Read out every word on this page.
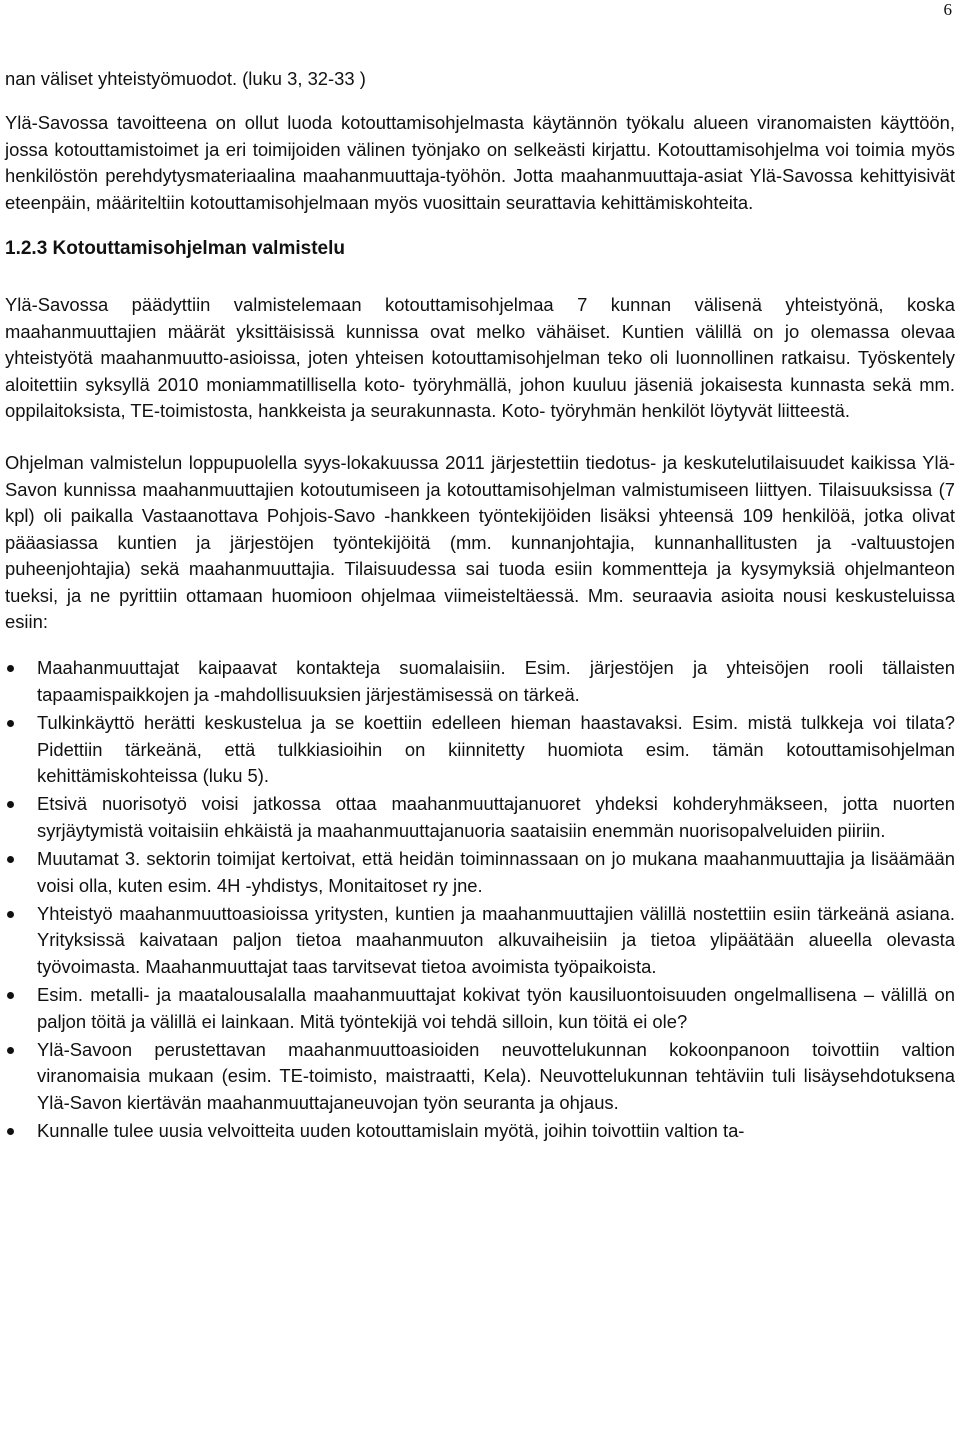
6
nan väliset yhteistyömuodot. (luku 3, 32-33 )
Ylä-Savossa tavoitteena on ollut luoda kotouttamisohjelmasta käytännön työkalu alueen viranomaisten käyttöön, jossa kotouttamistoimet ja eri toimijoiden välinen työnjako on selkeästi kirjattu. Kotouttamisohjelma voi toimia myös henkilöstön perehdytysmateriaalina maahanmuuttaja-työhön. Jotta maahanmuuttaja-asiat Ylä-Savossa kehittyisivät eteenpäin, määriteltiin kotouttamisohjelmaan myös vuosittain seurattavia kehittämiskohteita.
1.2.3 Kotouttamisohjelman valmistelu
Ylä-Savossa päädyttiin valmistelemaan kotouttamisohjelmaa 7 kunnan välisenä yhteistyönä, koska maahanmuuttajien määrät yksittäisissä kunnissa ovat melko vähäiset. Kuntien välillä on jo olemassa olevaa yhteistyötä maahanmuutto-asioissa, joten yhteisen kotouttamisohjelman teko oli luonnollinen ratkaisu. Työskentely aloitettiin syksyllä 2010 moniammatillisella koto- työryhmällä, johon kuuluu jäseniä jokaisesta kunnasta sekä mm. oppilaitoksista, TE-toimistosta, hankkeista ja seurakunnasta. Koto- työryhmän henkilöt löytyvät liitteestä.
Ohjelman valmistelun loppupuolella syys-lokakuussa 2011 järjestettiin tiedotus- ja keskutelutilaisuudet kaikissa Ylä-Savon kunnissa maahanmuuttajien kotoutumiseen ja kotouttamisohjelman valmistumiseen liittyen. Tilaisuuksissa (7 kpl) oli paikalla Vastaanottava Pohjois-Savo -hankkeen työntekijöiden lisäksi yhteensä 109 henkilöä, jotka olivat pääasiassa kuntien ja järjestöjen työntekijöitä (mm. kunnanjohtajia, kunnanhallitusten ja -valtuustojen puheenjohtajia) sekä maahanmuuttajia. Tilaisuudessa sai tuoda esiin kommentteja ja kysymyksiä ohjelmanteon tueksi, ja ne pyrittiin ottamaan huomioon ohjelmaa viimeisteltäessä. Mm. seuraavia asioita nousi keskusteluissa esiin:
Maahanmuuttajat kaipaavat kontakteja suomalaisiin. Esim. järjestöjen ja yhteisöjen rooli tällaisten tapaamispaikkojen ja -mahdollisuuksien järjestämisessä on tärkeä.
Tulkinkäyttö herätti keskustelua ja se koettiin edelleen hieman haastavaksi. Esim. mistä tulkkeja voi tilata? Pidettiin tärkeänä, että tulkkiasioihin on kiinnitetty huomiota esim. tämän kotouttamisohjelman kehittämiskohteissa (luku 5).
Etsivä nuorisotyö voisi jatkossa ottaa maahanmuuttajanuoret yhdeksi kohderyhmäkseen, jotta nuorten syrjäytymistä voitaisiin ehkäistä ja maahanmuuttajanuoria saataisiin enemmän nuorisopalveluiden piiriin.
Muutamat 3. sektorin toimijat kertoivat, että heidän toiminnassaan on jo mukana maahanmuuttajia ja lisäämään voisi olla, kuten esim. 4H -yhdistys, Monitaitoset ry jne.
Yhteistyö maahanmuuttoasioissa yritysten, kuntien ja maahanmuuttajien välillä nostettiin esiin tärkeänä asiana. Yrityksissä kaivataan paljon tietoa maahanmuuton alkuvaiheisiin ja tietoa ylipäätään alueella olevasta työvoimasta. Maahanmuuttajat taas tarvitsevat tietoa avoimista työpaikoista.
Esim. metalli- ja maatalousalalla maahanmuuttajat kokivat työn kausiluontoisuuden ongelmallisena – välillä on paljon töitä ja välillä ei lainkaan. Mitä työntekijä voi tehdä silloin, kun töitä ei ole?
Ylä-Savoon perustettavan maahanmuuttoasioiden neuvottelukunnan kokoonpanoon toivottiin valtion viranomaisia mukaan (esim. TE-toimisto, maistraatti, Kela). Neuvottelukunnan tehtäviin tuli lisäysehdotuksena Ylä-Savon kiertävän maahanmuuttajaneuvojan työn seuranta ja ohjaus.
Kunnalle tulee uusia velvoitteita uuden kotouttamislain myötä, joihin toivottiin valtion ta-
